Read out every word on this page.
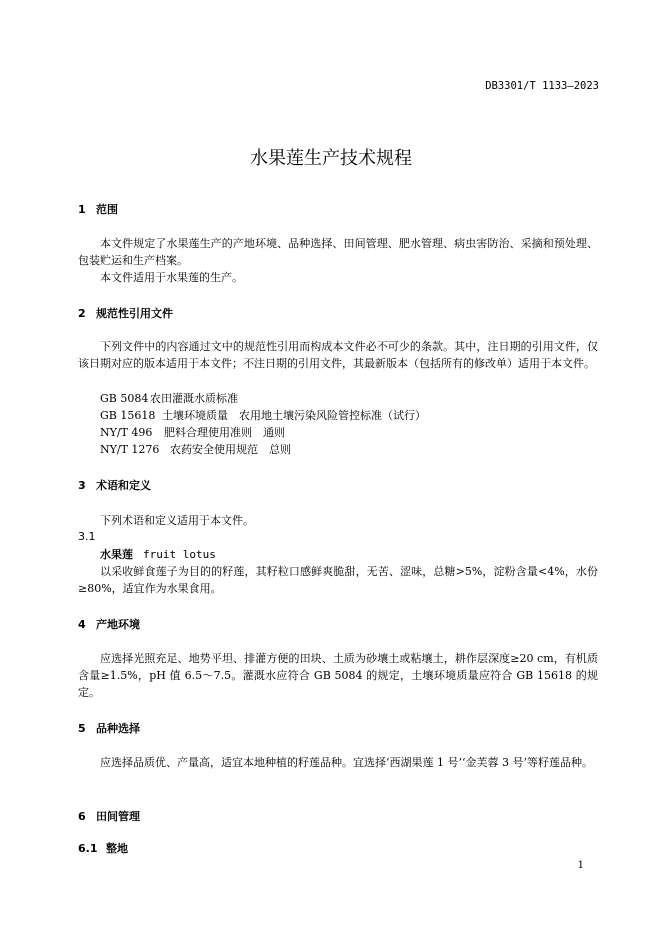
DB3301/T 1133—2023
水果莲生产技术规程
1 范围
本文件规定了水果莲生产的产地环境、品种选择、田间管理、肥水管理、病虫害防治、采摘和预处理、包装贮运和生产档案。
本文件适用于水果莲的生产。
2 规范性引用文件
下列文件中的内容通过文中的规范性引用而构成本文件必不可少的条款。其中，注日期的引用文件，仅该日期对应的版本适用于本文件；不注日期的引用文件，其最新版本（包括所有的修改单）适用于本文件。
GB 5084 农田灌溉水质标准
GB 15618 土壤环境质量　农用地土壤污染风险管控标准（试行）
NY/T 496 肥料合理使用准则　通则
NY/T 1276 农药安全使用规范　总则
3 术语和定义
下列术语和定义适用于本文件。
3.1
水果莲 fruit lotus
以采收鲜食莲子为目的的籽莲，其籽粒口感鲜爽脆甜，无苦、涩味，总糖>5%，淀粉含量<4%，水份≥80%，适宜作为水果食用。
4 产地环境
应选择光照充足、地势平坦、排灌方便的田块、土质为砂壤土或粘壤土，耕作层深度≥20 cm，有机质含量≥1.5%，pH 值 6.5～7.5。灌溉水应符合 GB 5084 的规定，土壤环境质量应符合 GB 15618 的规定。
5 品种选择
应选择品质优、产量高，适宜本地种植的籽莲品种。宜选择‘西湖果莲 1 号’‘金芙蓉 3 号’等籽莲品种。
6 田间管理
6.1 整地
1
